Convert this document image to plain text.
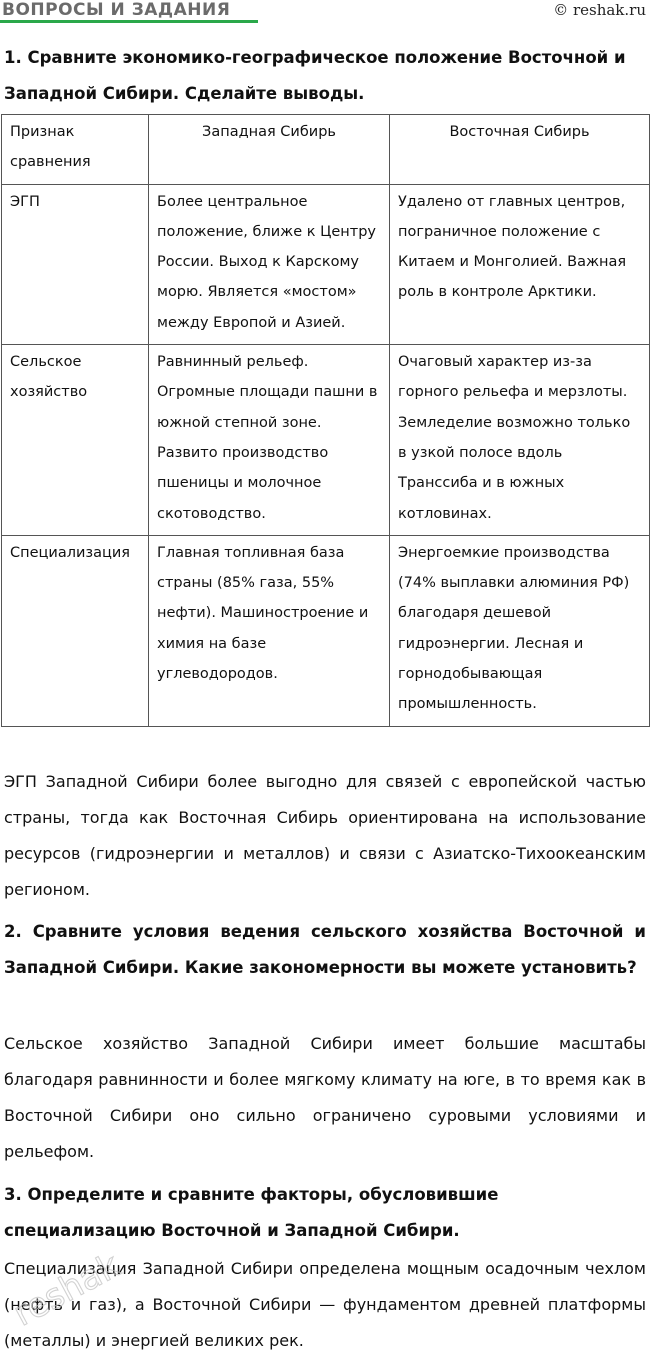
ВОПРОСЫ И ЗАДАНИЯ	© reshak.ru
1. Сравните экономико-географическое положение Восточной и Западной Сибири. Сделайте выводы.
Признак сравнения	Западная Сибирь	Восточная Сибирь
ЭГП	Более центральное положение, ближе к Центру России. Выход к Карскому морю. Является «мостом» между Европой и Азией.	Удалено от главных центров, пограничное положение с Китаем и Монголией. Важная роль в контроле Арктики.
Сельское хозяйство	Равнинный рельеф. Огромные площади пашни в южной степной зоне. Развито производство пшеницы и молочное скотоводство.	Очаговый характер из-за горного рельефа и мерзлоты. Земледелие возможно только в узкой полосе вдоль Транссиба и в южных котловинах.
Специализация	Главная топливная база страны (85% газа, 55% нефти). Машиностроение и химия на базе углеводородов.	Энергоемкие производства (74% выплавки алюминия РФ) благодаря дешевой гидроэнергии. Лесная и горнодобывающая промышленность.
ЭГП Западной Сибири более выгодно для связей с европейской частью страны, тогда как Восточная Сибирь ориентирована на использование ресурсов (гидроэнергии и металлов) и связи с Азиатско-Тихоокеанским регионом.
2. Сравните условия ведения сельского хозяйства Восточной и Западной Сибири. Какие закономерности вы можете установить?
Сельское хозяйство Западной Сибири имеет большие масштабы благодаря равнинности и более мягкому климату на юге, в то время как в Восточной Сибири оно сильно ограничено суровыми условиями и рельефом.
3. Определите и сравните факторы, обусловившие специализацию Восточной и Западной Сибири.
Специализация Западной Сибири определена мощным осадочным чехлом (нефть и газ), а Восточной Сибири — фундаментом древней платформы (металлы) и энергией великих рек.
reshak
